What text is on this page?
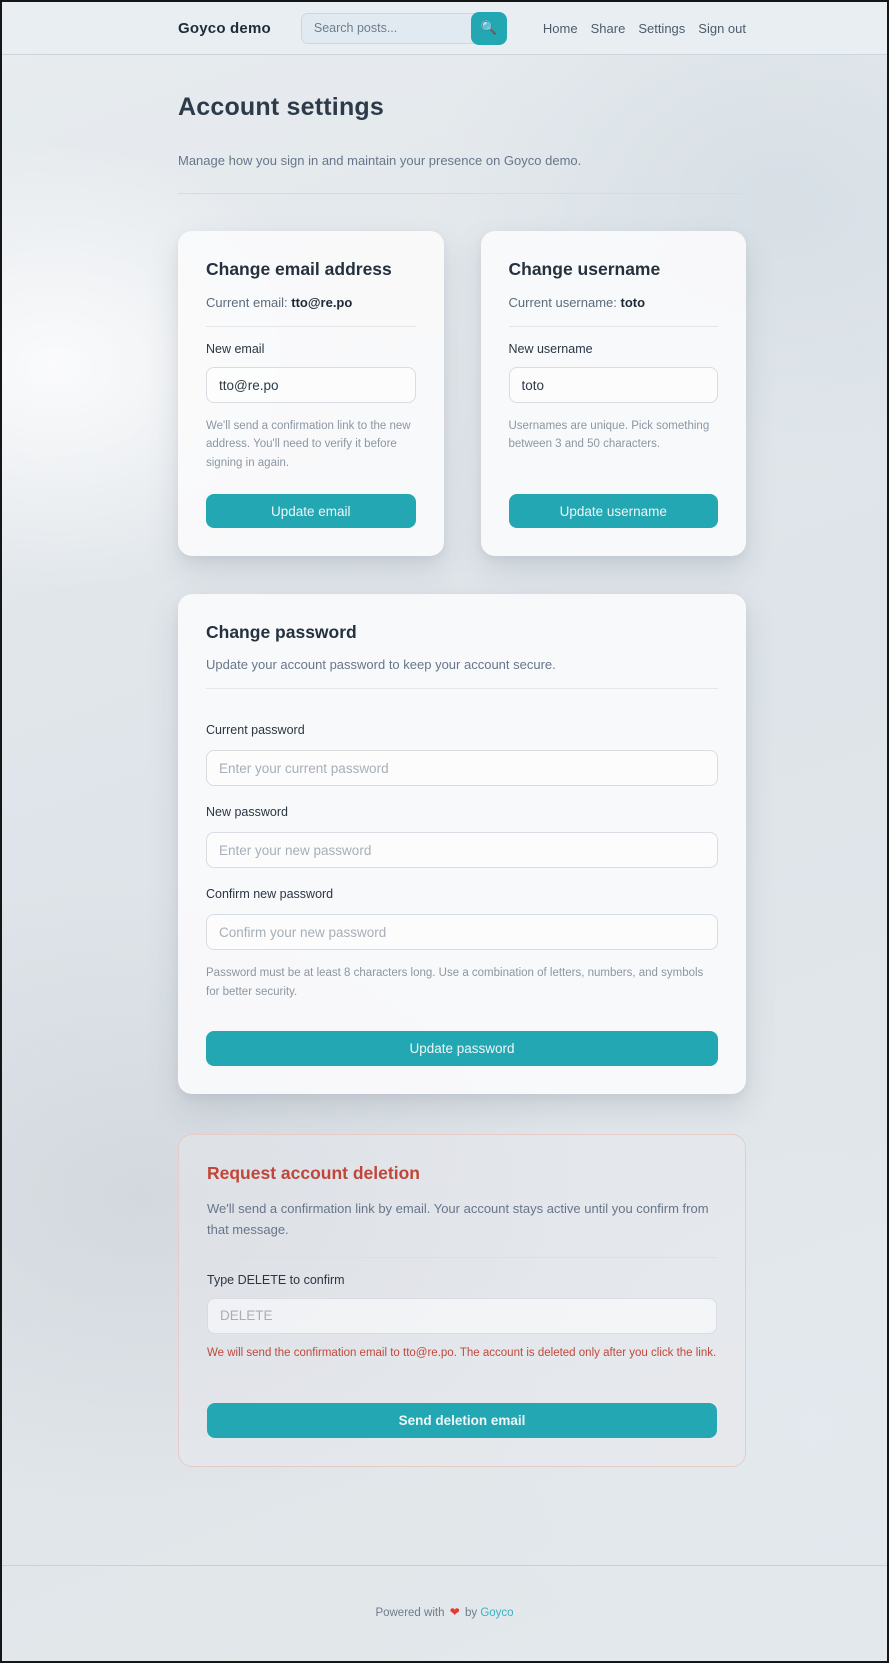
Goyco demo
Search posts...	🔍	Home Share Settings Sign out
Account settings

Manage how you sign in and maintain your presence on Goyco demo.

Change email address

Current email: tto@re.po

New email
tto@re.po

We'll send a confirmation link to the new address. You'll need to verify it before signing in again.

Update email
Change username

Current username: toto

New username
toto

Usernames are unique. Pick something between 3 and 50 characters.

Update username
Change password

Update your account password to keep your account secure.

Current password
Enter your current password
New password
Enter your new password
Confirm new password
Confirm your new password

Password must be at least 8 characters long. Use a combination of letters, numbers, and symbols for better security.

Update password
Request account deletion

We'll send a confirmation link by email. Your account stays active until you confirm from that message.

Type DELETE to confirm
DELETE

We will send the confirmation email to tto@re.po. The account is deleted only after you click the link.

Send deletion email
Powered with ❤ by Goyco
